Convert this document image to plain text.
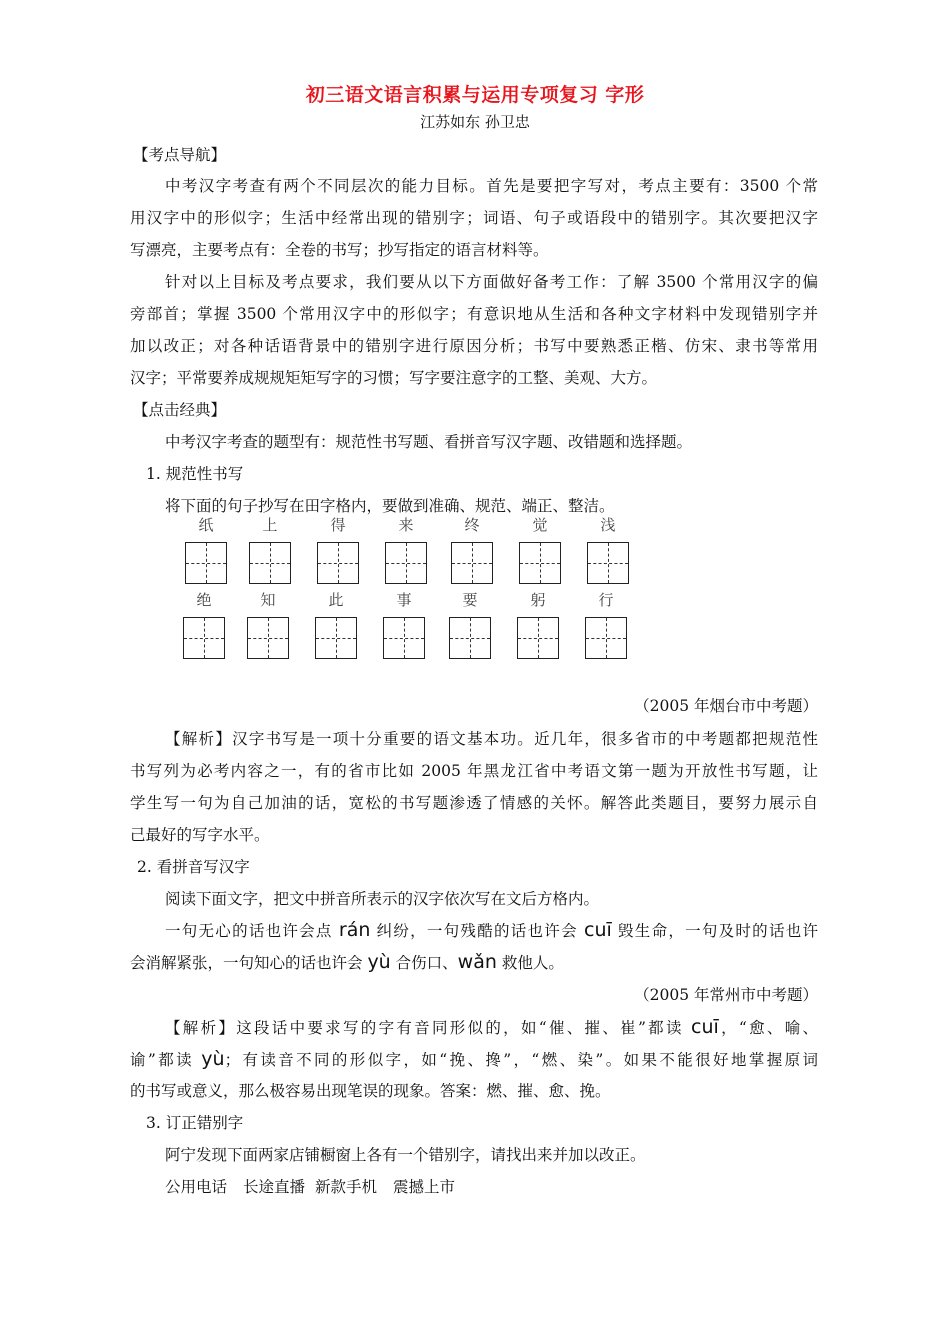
初三语文语言积累与运用专项复习 字形
江苏如东 孙卫忠
【考点导航】
中考汉字考查有两个不同层次的能力目标。首先是要把字写对，考点主要有：3500 个常
用汉字中的形似字；生活中经常出现的错别字；词语、句子或语段中的错别字。其次要把汉字
写漂亮，主要考点有：全卷的书写；抄写指定的语言材料等。
针对以上目标及考点要求，我们要从以下方面做好备考工作：了解 3500 个常用汉字的偏
旁部首；掌握 3500 个常用汉字中的形似字；有意识地从生活和各种文字材料中发现错别字并
加以改正；对各种话语背景中的错别字进行原因分析；书写中要熟悉正楷、仿宋、隶书等常用
汉字；平常要养成规规矩矩写字的习惯；写字要注意字的工整、美观、大方。
【点击经典】
中考汉字考查的题型有：规范性书写题、看拼音写汉字题、改错题和选择题。
1. 规范性书写
将下面的句子抄写在田字格内，要做到准确、规范、端正、整洁。
纸	上	得	来	终	觉	浅
绝	知	此	事	要	躬	行
（2005 年烟台市中考题）
【解析】汉字书写是一项十分重要的语文基本功。近几年，很多省市的中考题都把规范性
书写列为必考内容之一，有的省市比如 2005 年黑龙江省中考语文第一题为开放性书写题，让
学生写一句为自己加油的话，宽松的书写题渗透了情感的关怀。解答此类题目，要努力展示自
己最好的写字水平。
2. 看拼音写汉字
阅读下面文字，把文中拼音所表示的汉字依次写在文后方格内。
一句无心的话也许会点 rán 纠纷，一句残酷的话也许会 cuī 毁生命，一句及时的话也许
会消解紧张，一句知心的话也许会 yù 合伤口、wǎn 救他人。
（2005 年常州市中考题）
【解析】这段话中要求写的字有音同形似的，如“催、摧、崔”都读 cuī，“愈、喻、
谕”都读 yù；有读音不同的形似字，如“挽、搀”，“燃、染”。如果不能很好地掌握原词
的书写或意义，那么极容易出现笔误的现象。答案：燃、摧、愈、挽。
3. 订正错别字
阿宁发现下面两家店铺橱窗上各有一个错别字，请找出来并加以改正。
公用电话 长途直播 新款手机 震撼上市
